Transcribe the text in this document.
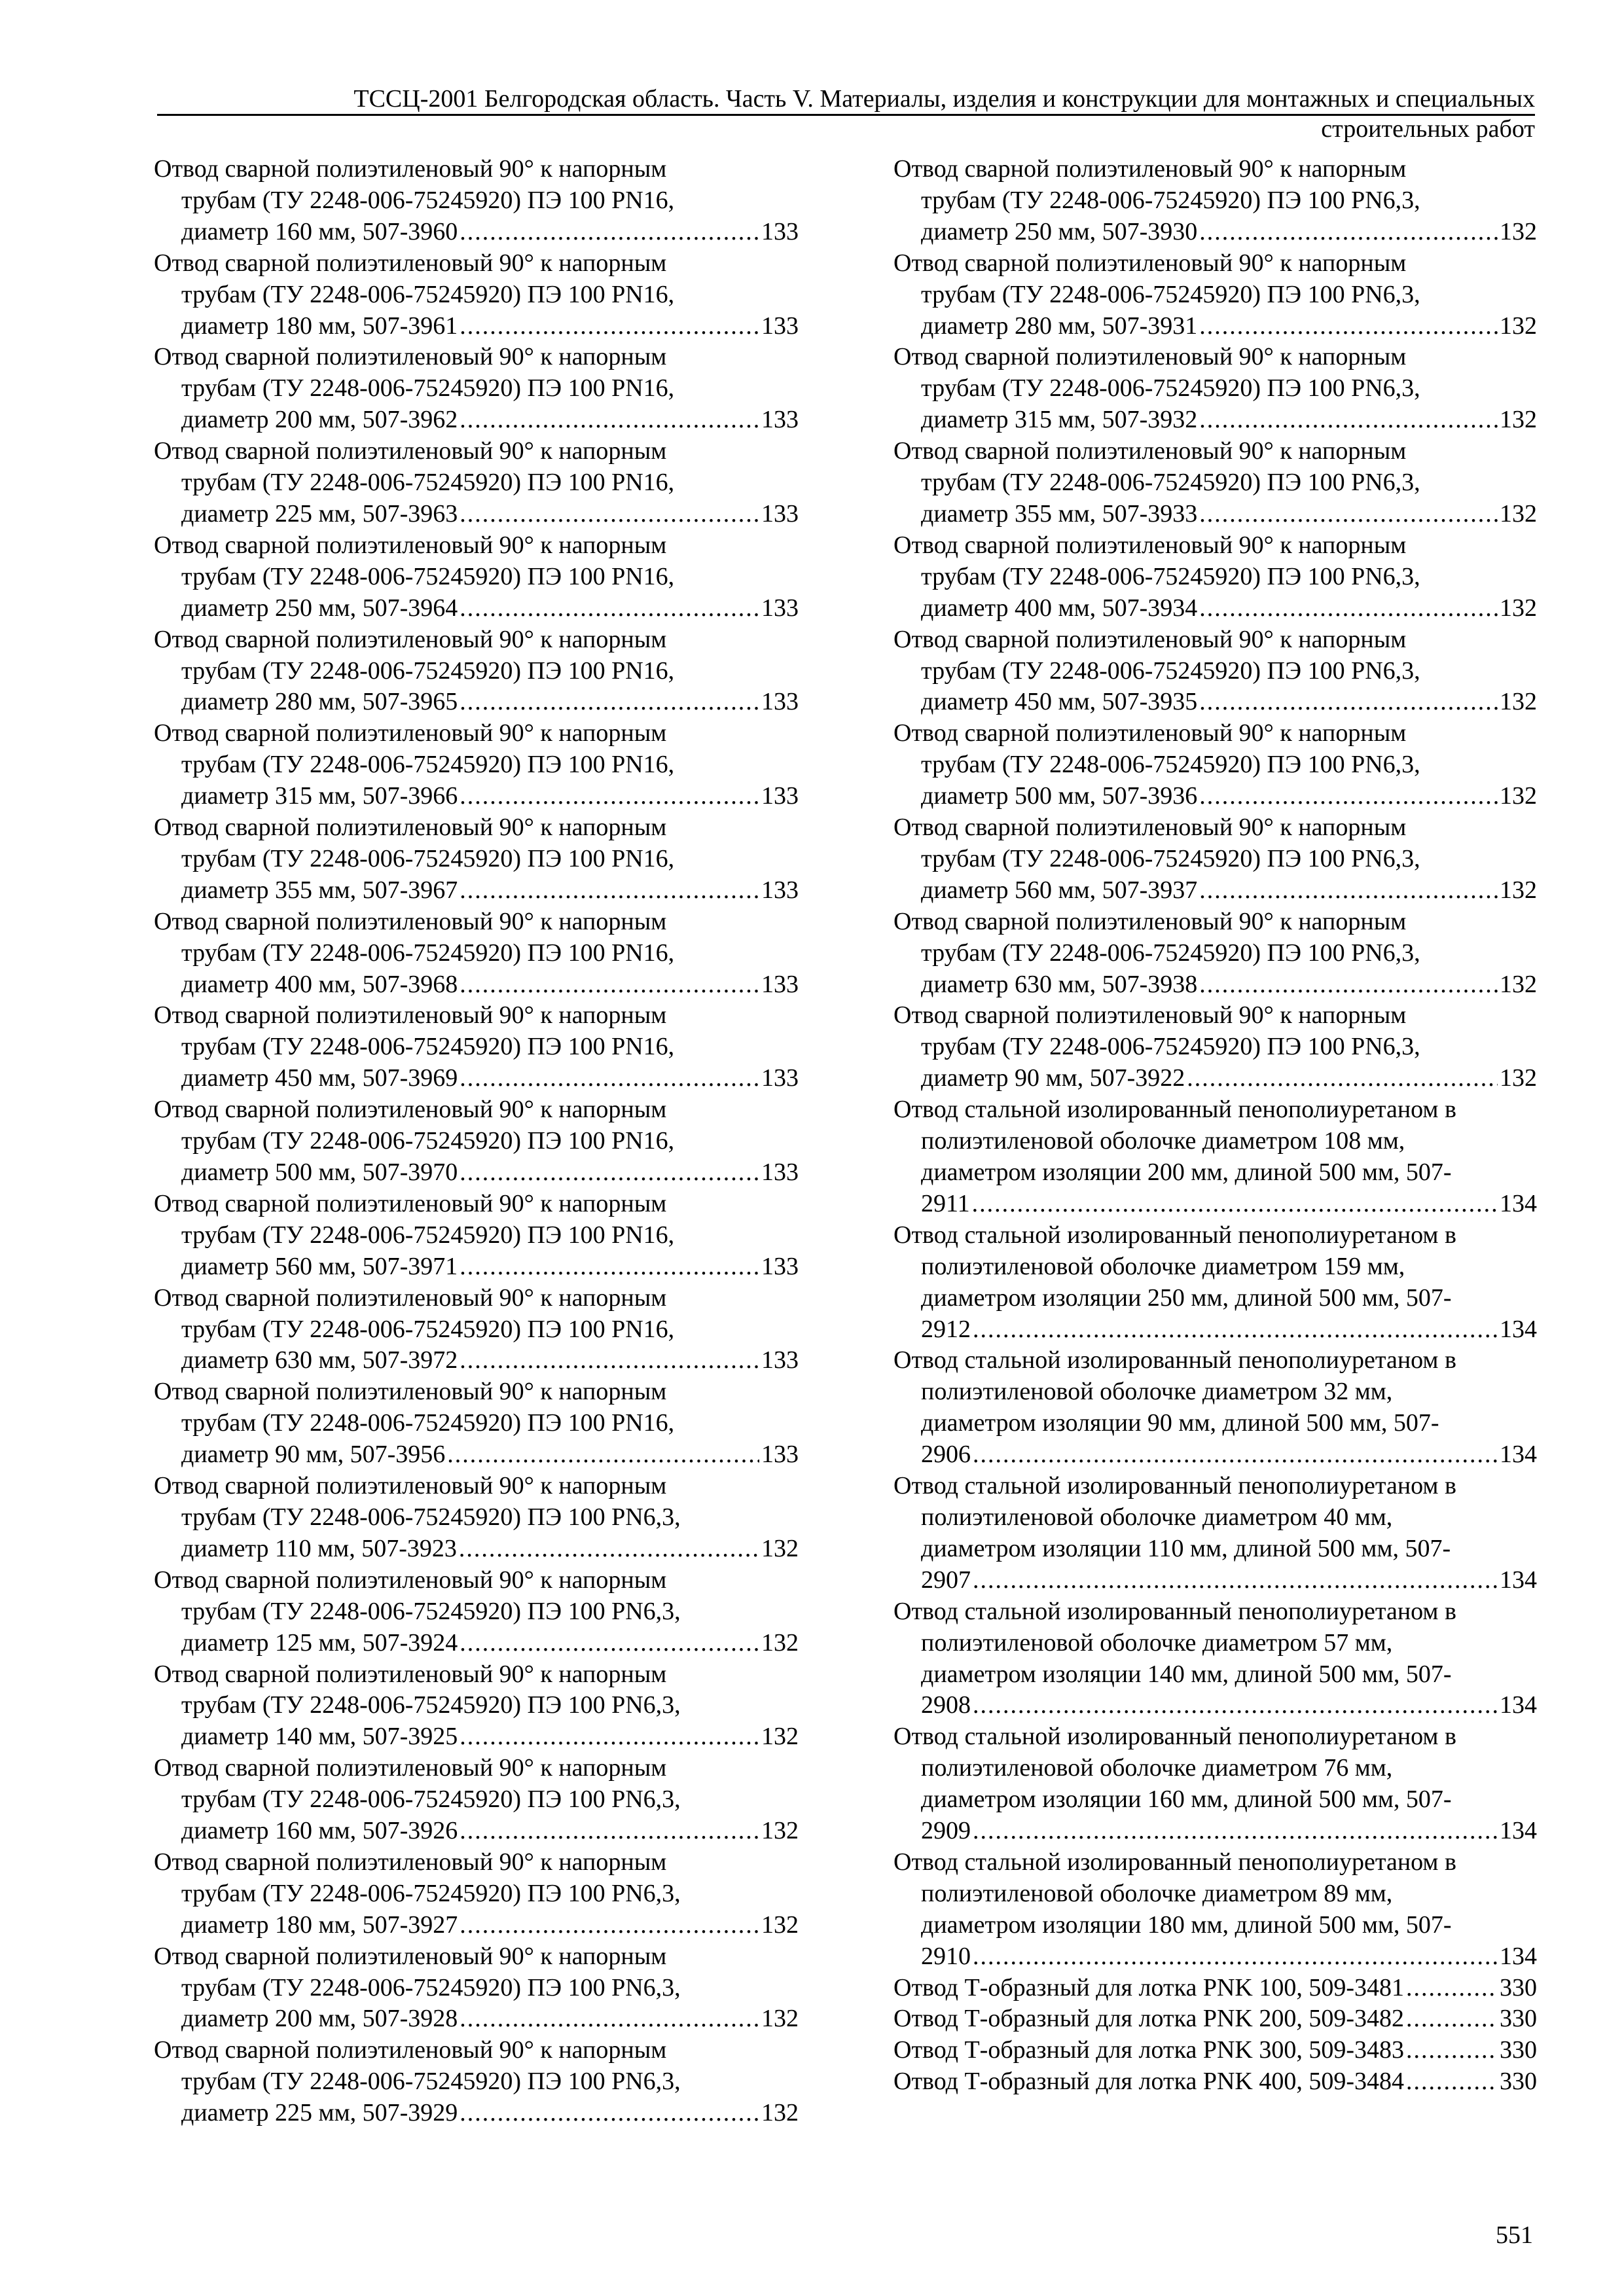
ТССЦ-2001 Белгородская область. Часть V. Материалы, изделия и конструкции для монтажных и специальных
строительных работ
Отвод сварной полиэтиленовый 90° к напорным
трубам (ТУ 2248-006-75245920) ПЭ 100 PN16,
диаметр 160 мм, 507-3960 .....	133
Отвод сварной полиэтиленовый 90° к напорным
трубам (ТУ 2248-006-75245920) ПЭ 100 PN16,
диаметр 180 мм, 507-3961 .....	133
Отвод сварной полиэтиленовый 90° к напорным
трубам (ТУ 2248-006-75245920) ПЭ 100 PN16,
диаметр 200 мм, 507-3962 .....	133
Отвод сварной полиэтиленовый 90° к напорным
трубам (ТУ 2248-006-75245920) ПЭ 100 PN16,
диаметр 225 мм, 507-3963 .....	133
Отвод сварной полиэтиленовый 90° к напорным
трубам (ТУ 2248-006-75245920) ПЭ 100 PN16,
диаметр 250 мм, 507-3964 .....	133
Отвод сварной полиэтиленовый 90° к напорным
трубам (ТУ 2248-006-75245920) ПЭ 100 PN16,
диаметр 280 мм, 507-3965 .....	133
Отвод сварной полиэтиленовый 90° к напорным
трубам (ТУ 2248-006-75245920) ПЭ 100 PN16,
диаметр 315 мм, 507-3966 .....	133
Отвод сварной полиэтиленовый 90° к напорным
трубам (ТУ 2248-006-75245920) ПЭ 100 PN16,
диаметр 355 мм, 507-3967 .....	133
Отвод сварной полиэтиленовый 90° к напорным
трубам (ТУ 2248-006-75245920) ПЭ 100 PN16,
диаметр 400 мм, 507-3968 .....	133
Отвод сварной полиэтиленовый 90° к напорным
трубам (ТУ 2248-006-75245920) ПЭ 100 PN16,
диаметр 450 мм, 507-3969 .....	133
Отвод сварной полиэтиленовый 90° к напорным
трубам (ТУ 2248-006-75245920) ПЭ 100 PN16,
диаметр 500 мм, 507-3970 .....	133
Отвод сварной полиэтиленовый 90° к напорным
трубам (ТУ 2248-006-75245920) ПЭ 100 PN16,
диаметр 560 мм, 507-3971 .....	133
Отвод сварной полиэтиленовый 90° к напорным
трубам (ТУ 2248-006-75245920) ПЭ 100 PN16,
диаметр 630 мм, 507-3972 .....	133
Отвод сварной полиэтиленовый 90° к напорным
трубам (ТУ 2248-006-75245920) ПЭ 100 PN16,
диаметр 90 мм, 507-3956 .....	133
Отвод сварной полиэтиленовый 90° к напорным
трубам (ТУ 2248-006-75245920) ПЭ 100 PN6,3,
диаметр 110 мм, 507-3923 .....	132
Отвод сварной полиэтиленовый 90° к напорным
трубам (ТУ 2248-006-75245920) ПЭ 100 PN6,3,
диаметр 125 мм, 507-3924 .....	132
Отвод сварной полиэтиленовый 90° к напорным
трубам (ТУ 2248-006-75245920) ПЭ 100 PN6,3,
диаметр 140 мм, 507-3925 .....	132
Отвод сварной полиэтиленовый 90° к напорным
трубам (ТУ 2248-006-75245920) ПЭ 100 PN6,3,
диаметр 160 мм, 507-3926 .....	132
Отвод сварной полиэтиленовый 90° к напорным
трубам (ТУ 2248-006-75245920) ПЭ 100 PN6,3,
диаметр 180 мм, 507-3927 .....	132
Отвод сварной полиэтиленовый 90° к напорным
трубам (ТУ 2248-006-75245920) ПЭ 100 PN6,3,
диаметр 200 мм, 507-3928 .....	132
Отвод сварной полиэтиленовый 90° к напорным
трубам (ТУ 2248-006-75245920) ПЭ 100 PN6,3,
диаметр 225 мм, 507-3929 .....	132
Отвод сварной полиэтиленовый 90° к напорным
трубам (ТУ 2248-006-75245920) ПЭ 100 PN6,3,
диаметр 250 мм, 507-3930 .....	132
Отвод сварной полиэтиленовый 90° к напорным
трубам (ТУ 2248-006-75245920) ПЭ 100 PN6,3,
диаметр 280 мм, 507-3931 .....	132
Отвод сварной полиэтиленовый 90° к напорным
трубам (ТУ 2248-006-75245920) ПЭ 100 PN6,3,
диаметр 315 мм, 507-3932 .....	132
Отвод сварной полиэтиленовый 90° к напорным
трубам (ТУ 2248-006-75245920) ПЭ 100 PN6,3,
диаметр 355 мм, 507-3933 .....	132
Отвод сварной полиэтиленовый 90° к напорным
трубам (ТУ 2248-006-75245920) ПЭ 100 PN6,3,
диаметр 400 мм, 507-3934 .....	132
Отвод сварной полиэтиленовый 90° к напорным
трубам (ТУ 2248-006-75245920) ПЭ 100 PN6,3,
диаметр 450 мм, 507-3935 .....	132
Отвод сварной полиэтиленовый 90° к напорным
трубам (ТУ 2248-006-75245920) ПЭ 100 PN6,3,
диаметр 500 мм, 507-3936 .....	132
Отвод сварной полиэтиленовый 90° к напорным
трубам (ТУ 2248-006-75245920) ПЭ 100 PN6,3,
диаметр 560 мм, 507-3937 .....	132
Отвод сварной полиэтиленовый 90° к напорным
трубам (ТУ 2248-006-75245920) ПЭ 100 PN6,3,
диаметр 630 мм, 507-3938 .....	132
Отвод сварной полиэтиленовый 90° к напорным
трубам (ТУ 2248-006-75245920) ПЭ 100 PN6,3,
диаметр 90 мм, 507-3922 .....	132
Отвод стальной изолированный пенополиуретаном в
полиэтиленовой оболочке диаметром 108 мм,
диаметром изоляции 200 мм, длиной 500 мм, 507-
2911 .....	134
Отвод стальной изолированный пенополиуретаном в
полиэтиленовой оболочке диаметром 159 мм,
диаметром изоляции 250 мм, длиной 500 мм, 507-
2912 .....	134
Отвод стальной изолированный пенополиуретаном в
полиэтиленовой оболочке диаметром 32 мм,
диаметром изоляции 90 мм, длиной 500 мм, 507-
2906 .....	134
Отвод стальной изолированный пенополиуретаном в
полиэтиленовой оболочке диаметром 40 мм,
диаметром изоляции 110 мм, длиной 500 мм, 507-
2907 .....	134
Отвод стальной изолированный пенополиуретаном в
полиэтиленовой оболочке диаметром 57 мм,
диаметром изоляции 140 мм, длиной 500 мм, 507-
2908 .....	134
Отвод стальной изолированный пенополиуретаном в
полиэтиленовой оболочке диаметром 76 мм,
диаметром изоляции 160 мм, длиной 500 мм, 507-
2909 .....	134
Отвод стальной изолированный пенополиуретаном в
полиэтиленовой оболочке диаметром 89 мм,
диаметром изоляции 180 мм, длиной 500 мм, 507-
2910 .....	134
Отвод Т-образный для лотка PNK 100, 509-3481 .....	330
Отвод Т-образный для лотка PNK 200, 509-3482 .....	330
Отвод Т-образный для лотка PNK 300, 509-3483 .....	330
Отвод Т-образный для лотка PNK 400, 509-3484 .....	330
551
